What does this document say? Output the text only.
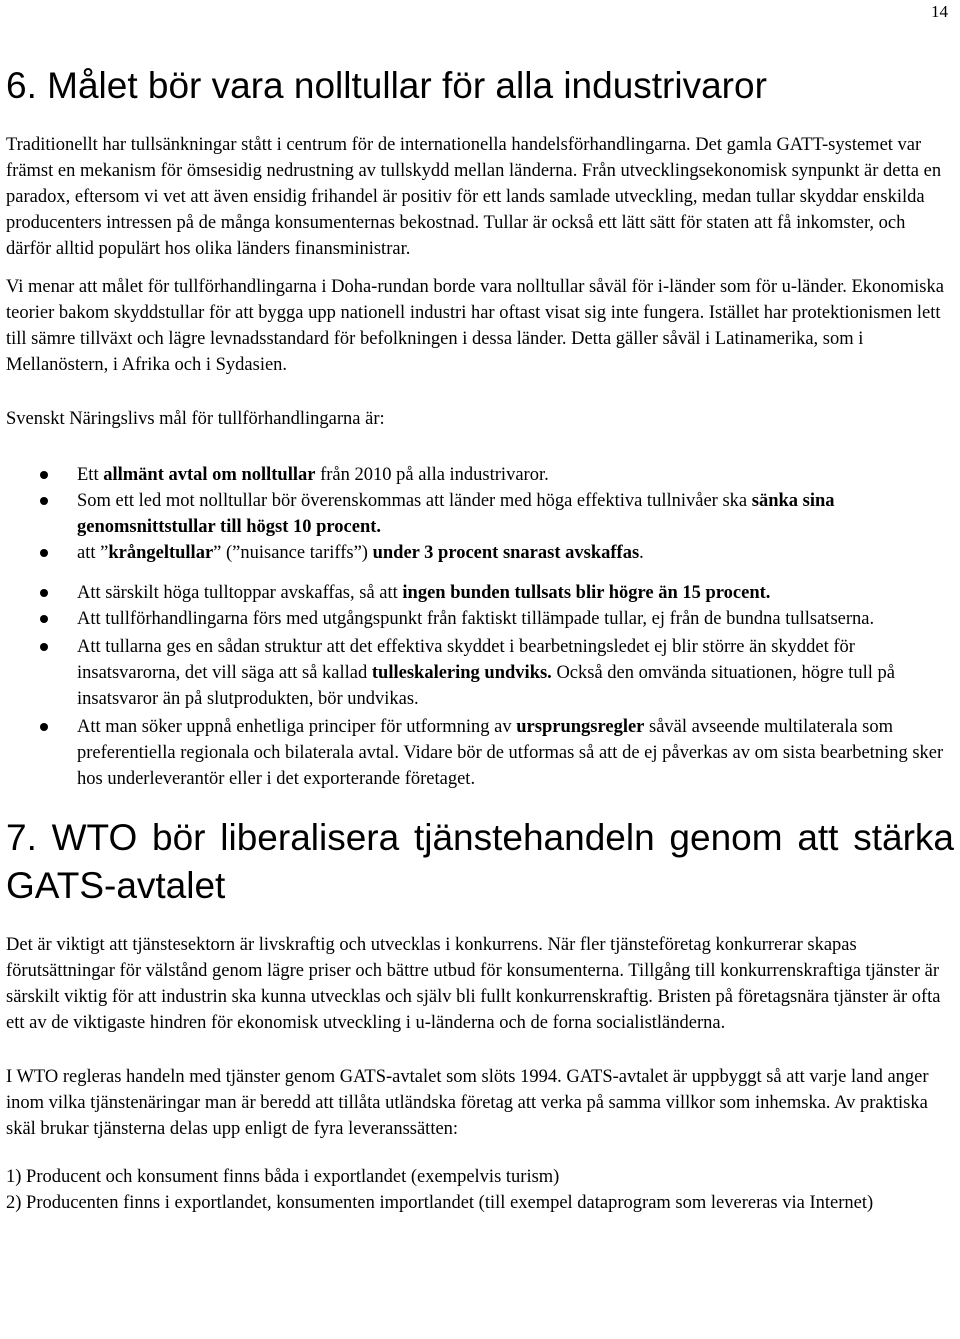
14
6. Målet bör vara nolltullar för alla industrivaror

Traditionellt har tullsänkningar stått i centrum för de internationella handelsförhandlingarna. Det gamla GATT-systemet var främst en mekanism för ömsesidig nedrustning av tullskydd mellan länderna. Från utvecklingsekonomisk synpunkt är detta en paradox, eftersom vi vet att även ensidig frihandel är positiv för ett lands samlade utveckling, medan tullar skyddar enskilda producenters intressen på de många konsumenternas bekostnad. Tullar är också ett lätt sätt för staten att få inkomster, och därför alltid populärt hos olika länders finansministrar.

Vi menar att målet för tullförhandlingarna i Doha-rundan borde vara nolltullar såväl för i-länder som för u-länder. Ekonomiska teorier bakom skyddstullar för att bygga upp nationell industri har oftast visat sig inte fungera. Istället har protektionismen lett till sämre tillväxt och lägre levnadsstandard för befolkningen i dessa länder. Detta gäller såväl i Latinamerika, som i Mellanöstern, i Afrika och i Sydasien.

Svenskt Näringslivs mål för tullförhandlingarna är:

Ett allmänt avtal om nolltullar från 2010 på alla industrivaror.
Som ett led mot nolltullar bör överenskommas att länder med höga effektiva tullnivåer ska sänka sina genomsnittstullar till högst 10 procent.
att ”krångeltullar” (”nuisance tariffs”) under 3 procent snarast avskaffas.
Att särskilt höga tulltoppar avskaffas, så att ingen bunden tullsats blir högre än 15 procent.
Att tullförhandlingarna förs med utgångspunkt från faktiskt tillämpade tullar, ej från de bundna tullsatserna.
Att tullarna ges en sådan struktur att det effektiva skyddet i bearbetningsledet ej blir större än skyddet för insatsvarorna, det vill säga att så kallad tulleskalering undviks. Också den omvända situationen, högre tull på insatsvaror än på slutprodukten, bör undvikas.
Att man söker uppnå enhetliga principer för utformning av ursprungsregler såväl avseende multilaterala som preferentiella regionala och bilaterala avtal. Vidare bör de utformas så att de ej påverkas av om sista bearbetning sker hos underleverantör eller i det exporterande företaget.
7. WTO bör liberalisera tjänstehandeln genom att stärka GATS-avtalet

Det är viktigt att tjänstesektorn är livskraftig och utvecklas i konkurrens. När fler tjänsteföretag konkurrerar skapas förutsättningar för välstånd genom lägre priser och bättre utbud för konsumenterna. Tillgång till konkurrenskraftiga tjänster är särskilt viktig för att industrin ska kunna utvecklas och själv bli fullt konkurrenskraftig. Bristen på företagsnära tjänster är ofta ett av de viktigaste hindren för ekonomisk utveckling i u-länderna och de forna socialistländerna.

I WTO regleras handeln med tjänster genom GATS-avtalet som slöts 1994. GATS-avtalet är uppbyggt så att varje land anger inom vilka tjänstenäringar man är beredd att tillåta utländska företag att verka på samma villkor som inhemska. Av praktiska skäl brukar tjänsterna delas upp enligt de fyra leveranssätten:

1) Producent och konsument finns båda i exportlandet (exempelvis turism)

2) Producenten finns i exportlandet, konsumenten importlandet (till exempel dataprogram som levereras via Internet)
